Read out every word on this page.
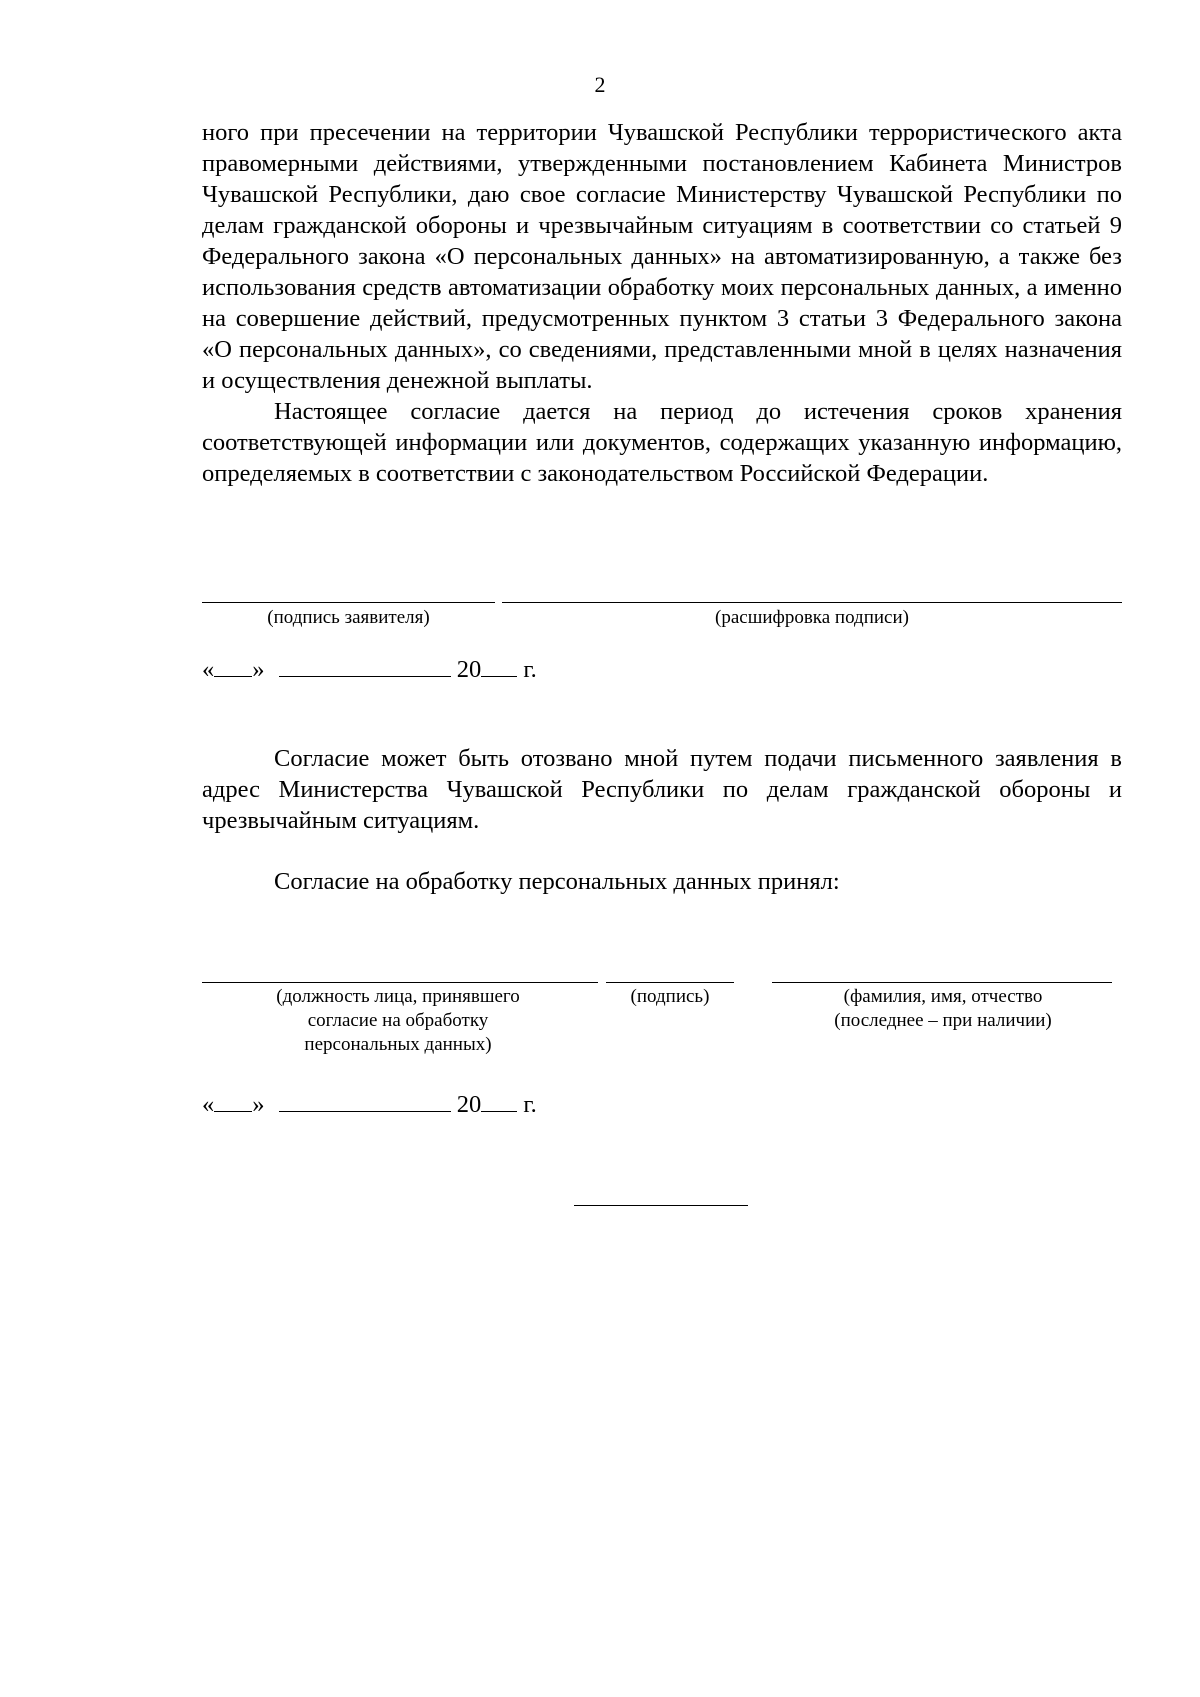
2

ного при пресечении на территории Чувашской Республики террористического акта правомерными действиями, утвержденными постановлением Кабинета Министров Чувашской Республики, даю свое согласие Министерству Чувашской Республики по делам гражданской обороны и чрезвычайным ситуациям в соответствии со статьей 9 Федерального закона «О персональных данных» на автоматизированную, а также без использования средств автоматизации обработку моих персональных данных, а именно на совершение действий, предусмотренных пунктом 3 статьи 3 Федерального закона «О персональных данных», со сведениями, представленными мной в целях назначения и осуществления денежной выплаты.

Настоящее согласие дается на период до истечения сроков хранения соответствующей информации или документов, содержащих указанную информацию, определяемых в соответствии с законодательством Российской Федерации.

(подпись заявителя)	(расшифровка подписи)
« »	20 г.

Согласие может быть отозвано мной путем подачи письменного заявления в адрес Министерства Чувашской Республики по делам гражданской обороны и чрезвычайным ситуациям.

Согласие на обработку персональных данных принял:

(должность лица, принявшего согласие на обработку персональных данных)
(подпись)	(фамилия, имя, отчество (последнее – при наличии)
« »	20 г.
